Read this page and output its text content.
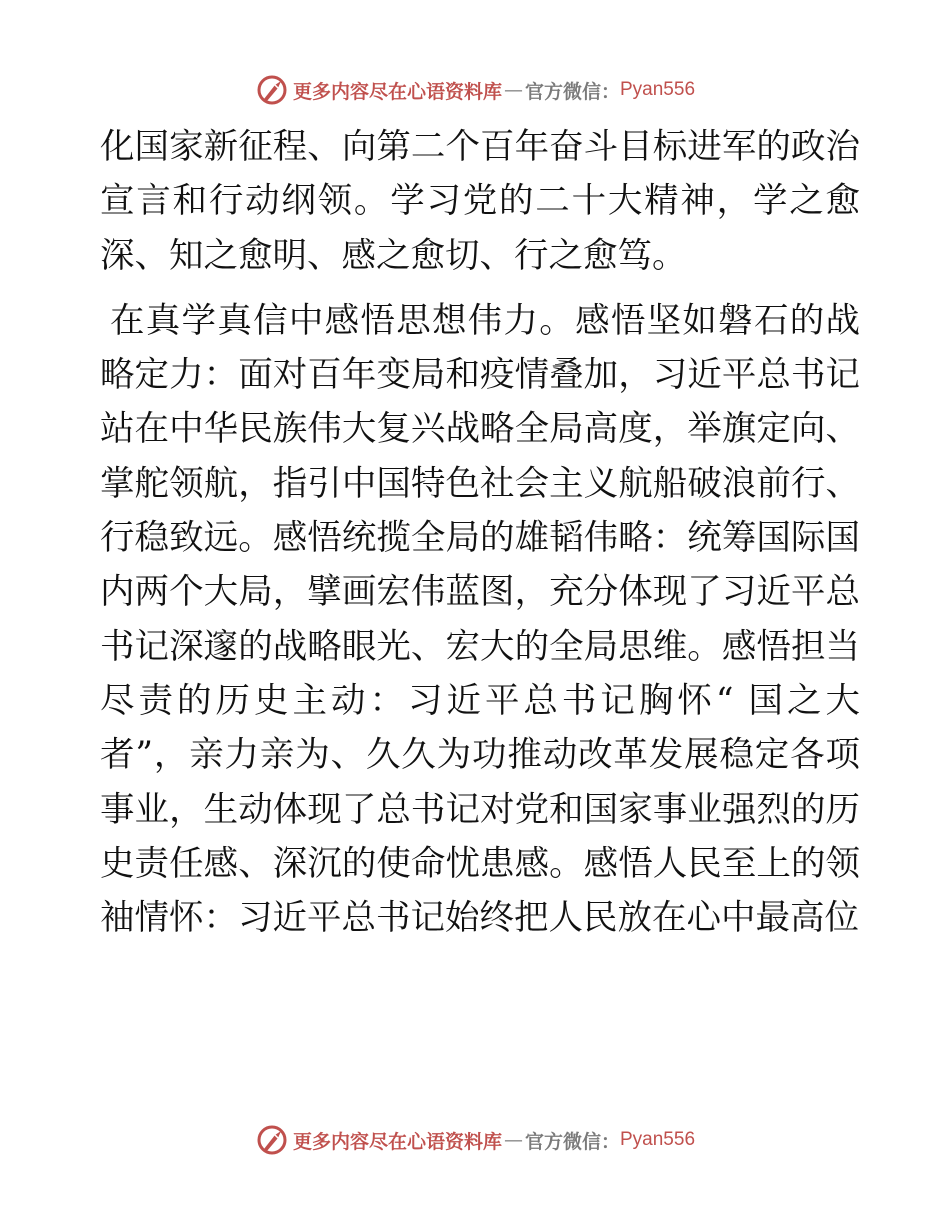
更多内容尽在心语资料库 — 官方微信： Pyan556

化国家新征程、向第二个百年奋斗目标进军的政治宣言和行动纲领。学习党的二十大精神，学之愈深、知之愈明、感之愈切、行之愈笃。

在真学真信中感悟思想伟力。感悟坚如磐石的战略定力：面对百年变局和疫情叠加，习近平总书记站在中华民族伟大复兴战略全局高度，举旗定向、掌舵领航，指引中国特色社会主义航船破浪前行、行稳致远。感悟统揽全局的雄韬伟略：统筹国际国内两个大局，擘画宏伟蓝图，充分体现了习近平总书记深邃的战略眼光、宏大的全局思维。感悟担当尽责的历史主动：习近平总书记胸怀“ 国之大者”，亲力亲为、久久为功推动改革发展稳定各项事业，生动体现了总书记对党和国家事业强烈的历史责任感、深沉的使命忧患感。感悟人民至上的领袖情怀：习近平总书记始终把人民放在心中最高位

更多内容尽在心语资料库 — 官方微信： Pyan556
